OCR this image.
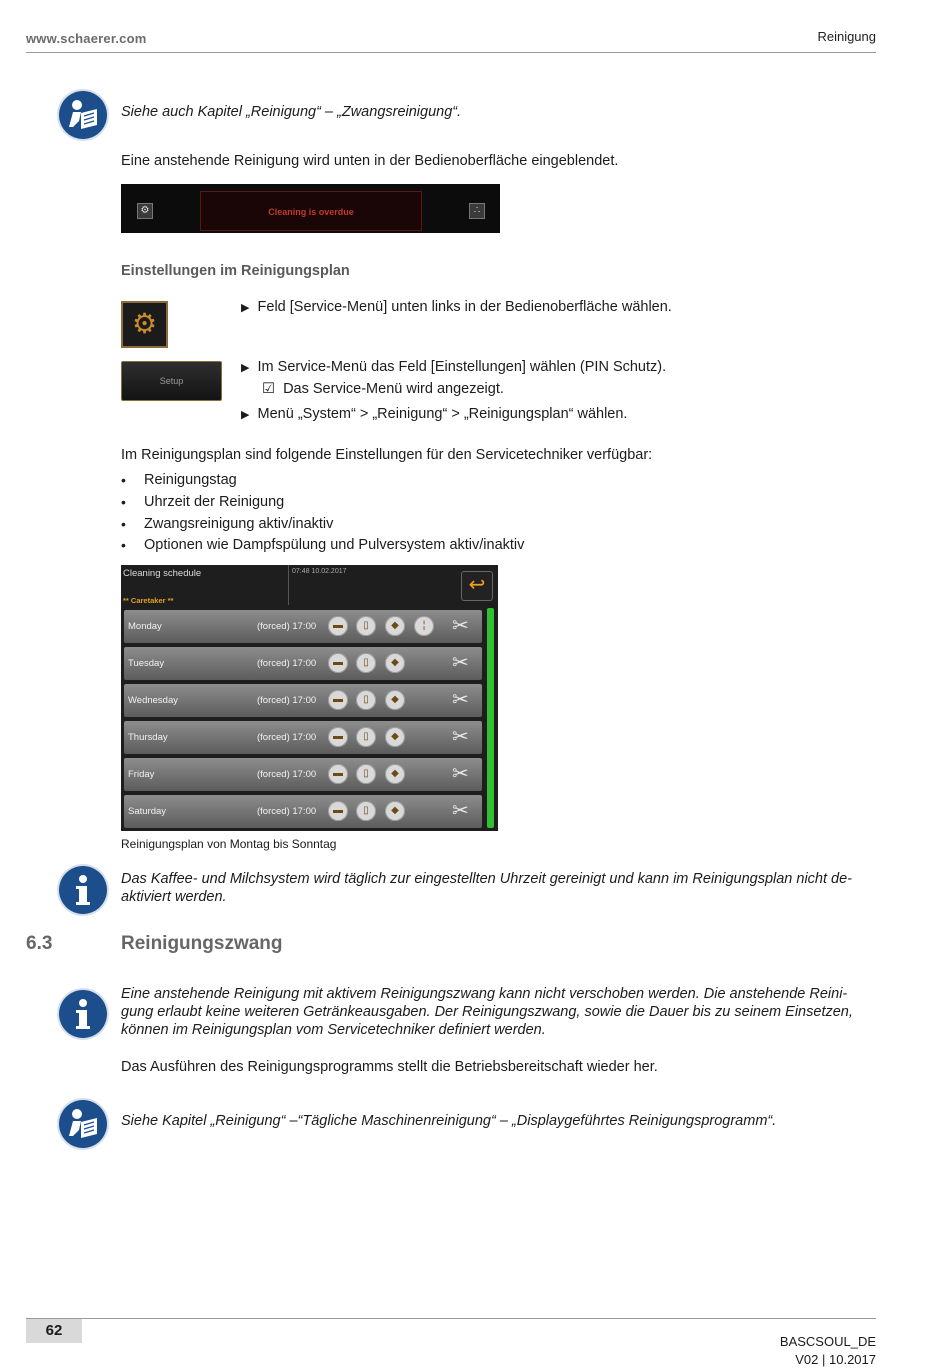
www.schaerer.com	Reinigung
Siehe auch Kapitel „Reinigung“ – „Zwangsreinigung“.
Eine anstehende Reinigung wird unten in der Bedienoberfläche eingeblendet.
⚙	Cleaning is overdue	∴
Einstellungen im Reinigungsplan
⚙	▶ Feld [Service-Menü] unten links in der Bedienoberfläche wählen.
Setup
▶ Im Service-Menü das Feld [Einstellungen] wählen (PIN Schutz).
☑ Das Service-Menü wird angezeigt.
▶ Menü „System“ > „Reinigung“ > „Reinigungsplan“ wählen.
Im Reinigungsplan sind folgende Einstellungen für den Servicetechniker verfügbar:
• Reinigungstag
• Uhrzeit der Reinigung
• Zwangsreinigung aktiv/inaktiv
• Optionen wie Dampfspülung und Pulversystem aktiv/inaktiv
Cleaning schedule	07:48 10.02.2017
** Caretaker **
↩
Monday	(forced) 17:00	▬	▯	◆	¦	✂
Tuesday	(forced) 17:00	▬	▯	◆	✂
Wednesday	(forced) 17:00	▬	▯	◆	✂
Thursday	(forced) 17:00	▬	▯	◆	✂
Friday	(forced) 17:00	▬	▯	◆	✂
Saturday	(forced) 17:00	▬	▯	◆	✂
Reinigungsplan von Montag bis Sonntag
Das Kaffee- und Milchsystem wird täglich zur eingestellten Uhrzeit gereinigt und kann im Reinigungsplan nicht de-aktiviert werden.
6.3	Reinigungszwang
Eine anstehende Reinigung mit aktivem Reinigungszwang kann nicht verschoben werden. Die anstehende Reini-gung erlaubt keine weiteren Getränkeausgaben. Der Reinigungszwang, sowie die Dauer bis zu seinem Einsetzen, können im Reinigungsplan vom Servicetechniker definiert werden.
Das Ausführen des Reinigungsprogramms stellt die Betriebsbereitschaft wieder her.
Siehe Kapitel „Reinigung“ –“Tägliche Maschinenreinigung“ – „Displaygeführtes Reinigungsprogramm“.
62
BASCSOUL_DE
V02 | 10.2017
